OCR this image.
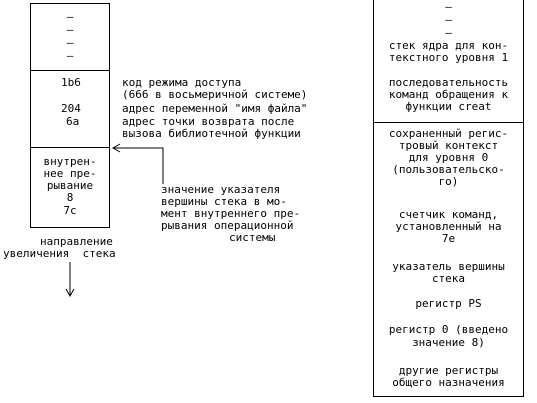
–
–
–
–
1b6
204
6a
внутрен-
нее пре-
рывание
8
7c
код режима доступа
(666 в восьмеричной системе)
адрес переменной "имя файла"
адрес точки возврата после
вызова библиотечной функции
значение указателя
вершины стека в мо-
мент внутреннего пре-
рывания операционной
системы
направление
увеличения  стека
–
–
–
стек ядра для кон-
текстного уровня 1
последовательность
команд обращения к
функции creat
сохраненный регис-
тровый контекст
для уровня 0
(пользовательско-
го)
счетчик команд,
установленный на
7e
указатель вершины
стека
регистр PS
регистр 0 (введено
значение 8)
другие регистры
общего назначения
